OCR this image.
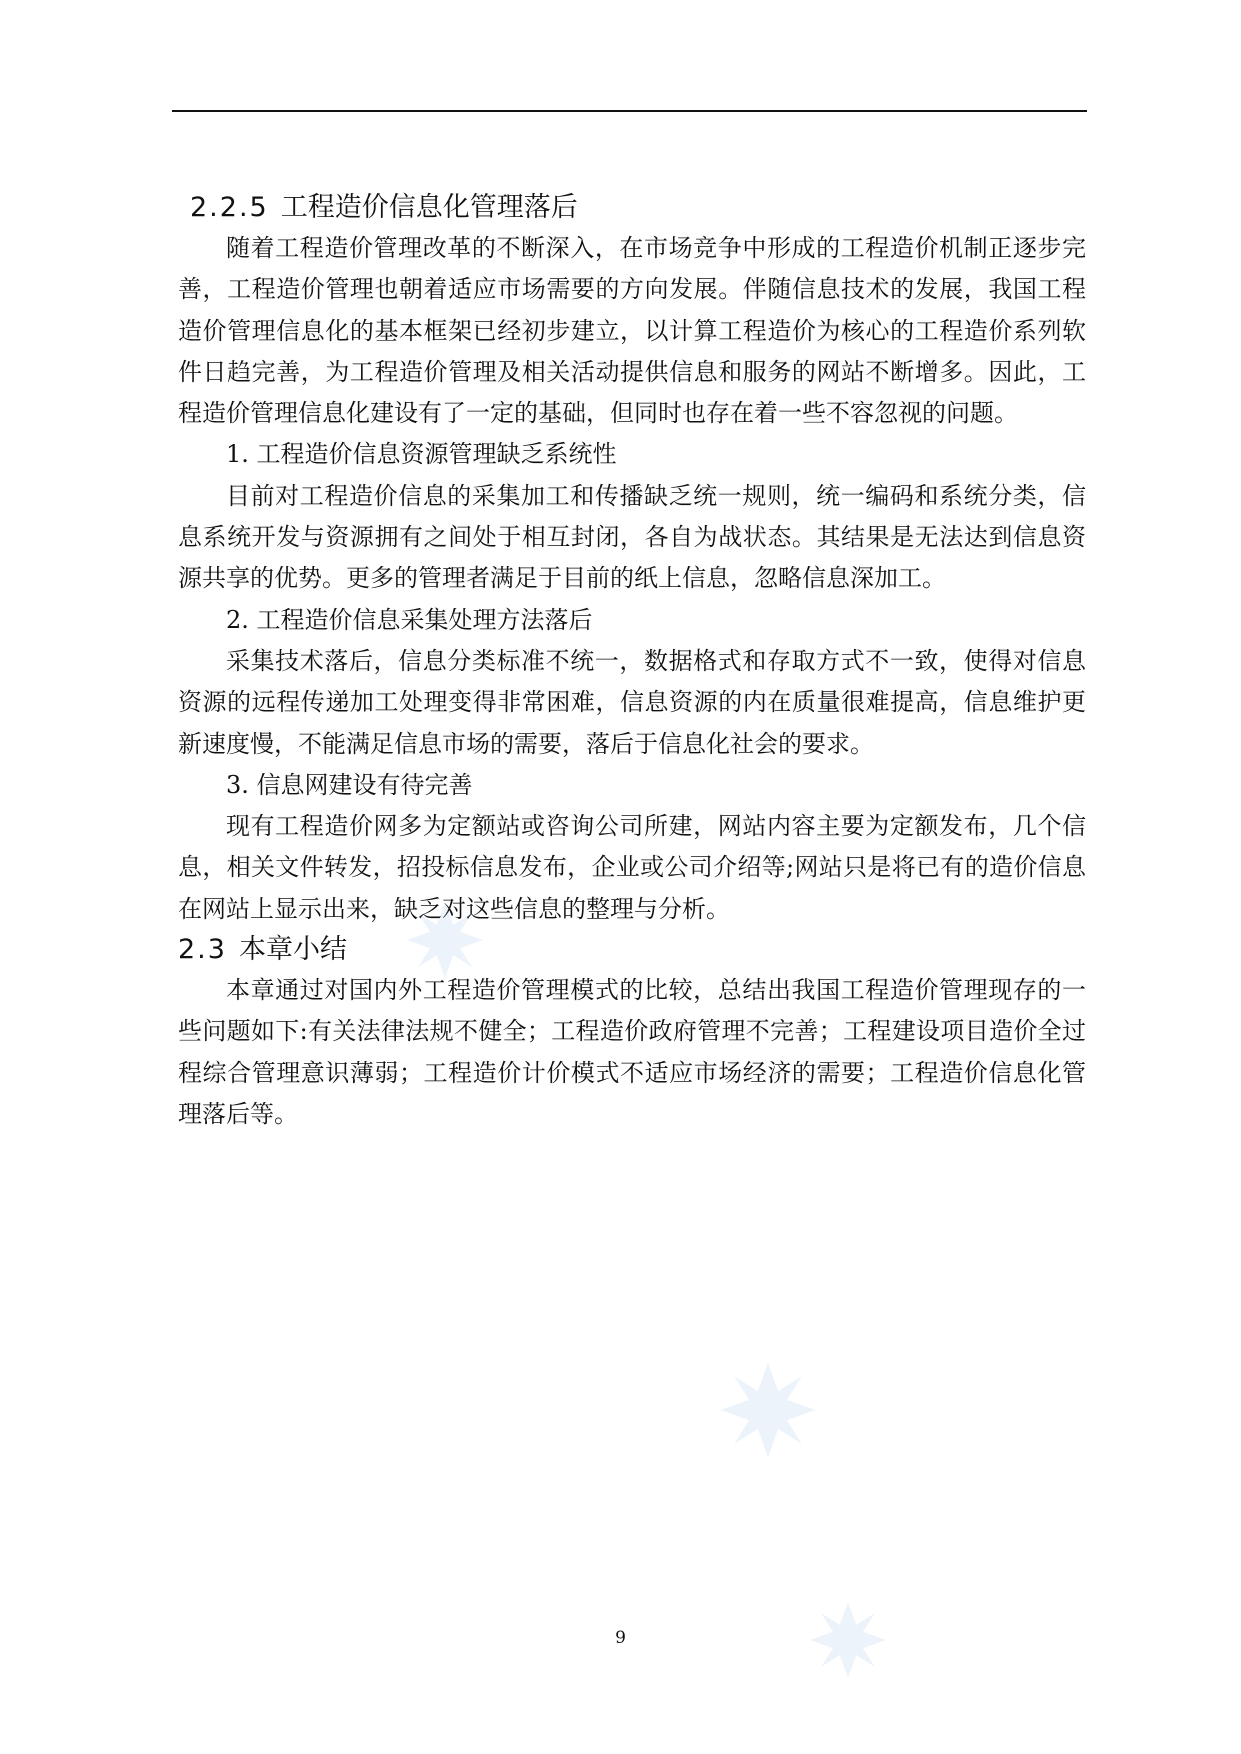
2.2.5 工程造价信息化管理落后

随着工程造价管理改革的不断深入，在市场竞争中形成的工程造价机制正逐步完善，工程造价管理也朝着适应市场需要的方向发展。伴随信息技术的发展，我国工程造价管理信息化的基本框架已经初步建立，以计算工程造价为核心的工程造价系列软件日趋完善，为工程造价管理及相关活动提供信息和服务的网站不断增多。因此，工程造价管理信息化建设有了一定的基础，但同时也存在着一些不容忽视的问题。

1. 工程造价信息资源管理缺乏系统性

目前对工程造价信息的采集加工和传播缺乏统一规则，统一编码和系统分类，信息系统开发与资源拥有之间处于相互封闭，各自为战状态。其结果是无法达到信息资源共享的优势。更多的管理者满足于目前的纸上信息，忽略信息深加工。

2. 工程造价信息采集处理方法落后

采集技术落后，信息分类标准不统一，数据格式和存取方式不一致，使得对信息资源的远程传递加工处理变得非常困难，信息资源的内在质量很难提高，信息维护更新速度慢，不能满足信息市场的需要，落后于信息化社会的要求。

3. 信息网建设有待完善

现有工程造价网多为定额站或咨询公司所建，网站内容主要为定额发布，几个信息，相关文件转发，招投标信息发布，企业或公司介绍等;网站只是将已有的造价信息在网站上显示出来，缺乏对这些信息的整理与分析。

2.3 本章小结

本章通过对国内外工程造价管理模式的比较，总结出我国工程造价管理现存的一些问题如下:有关法律法规不健全；工程造价政府管理不完善；工程建设项目造价全过程综合管理意识薄弱；工程造价计价模式不适应市场经济的需要；工程造价信息化管理落后等。

9
